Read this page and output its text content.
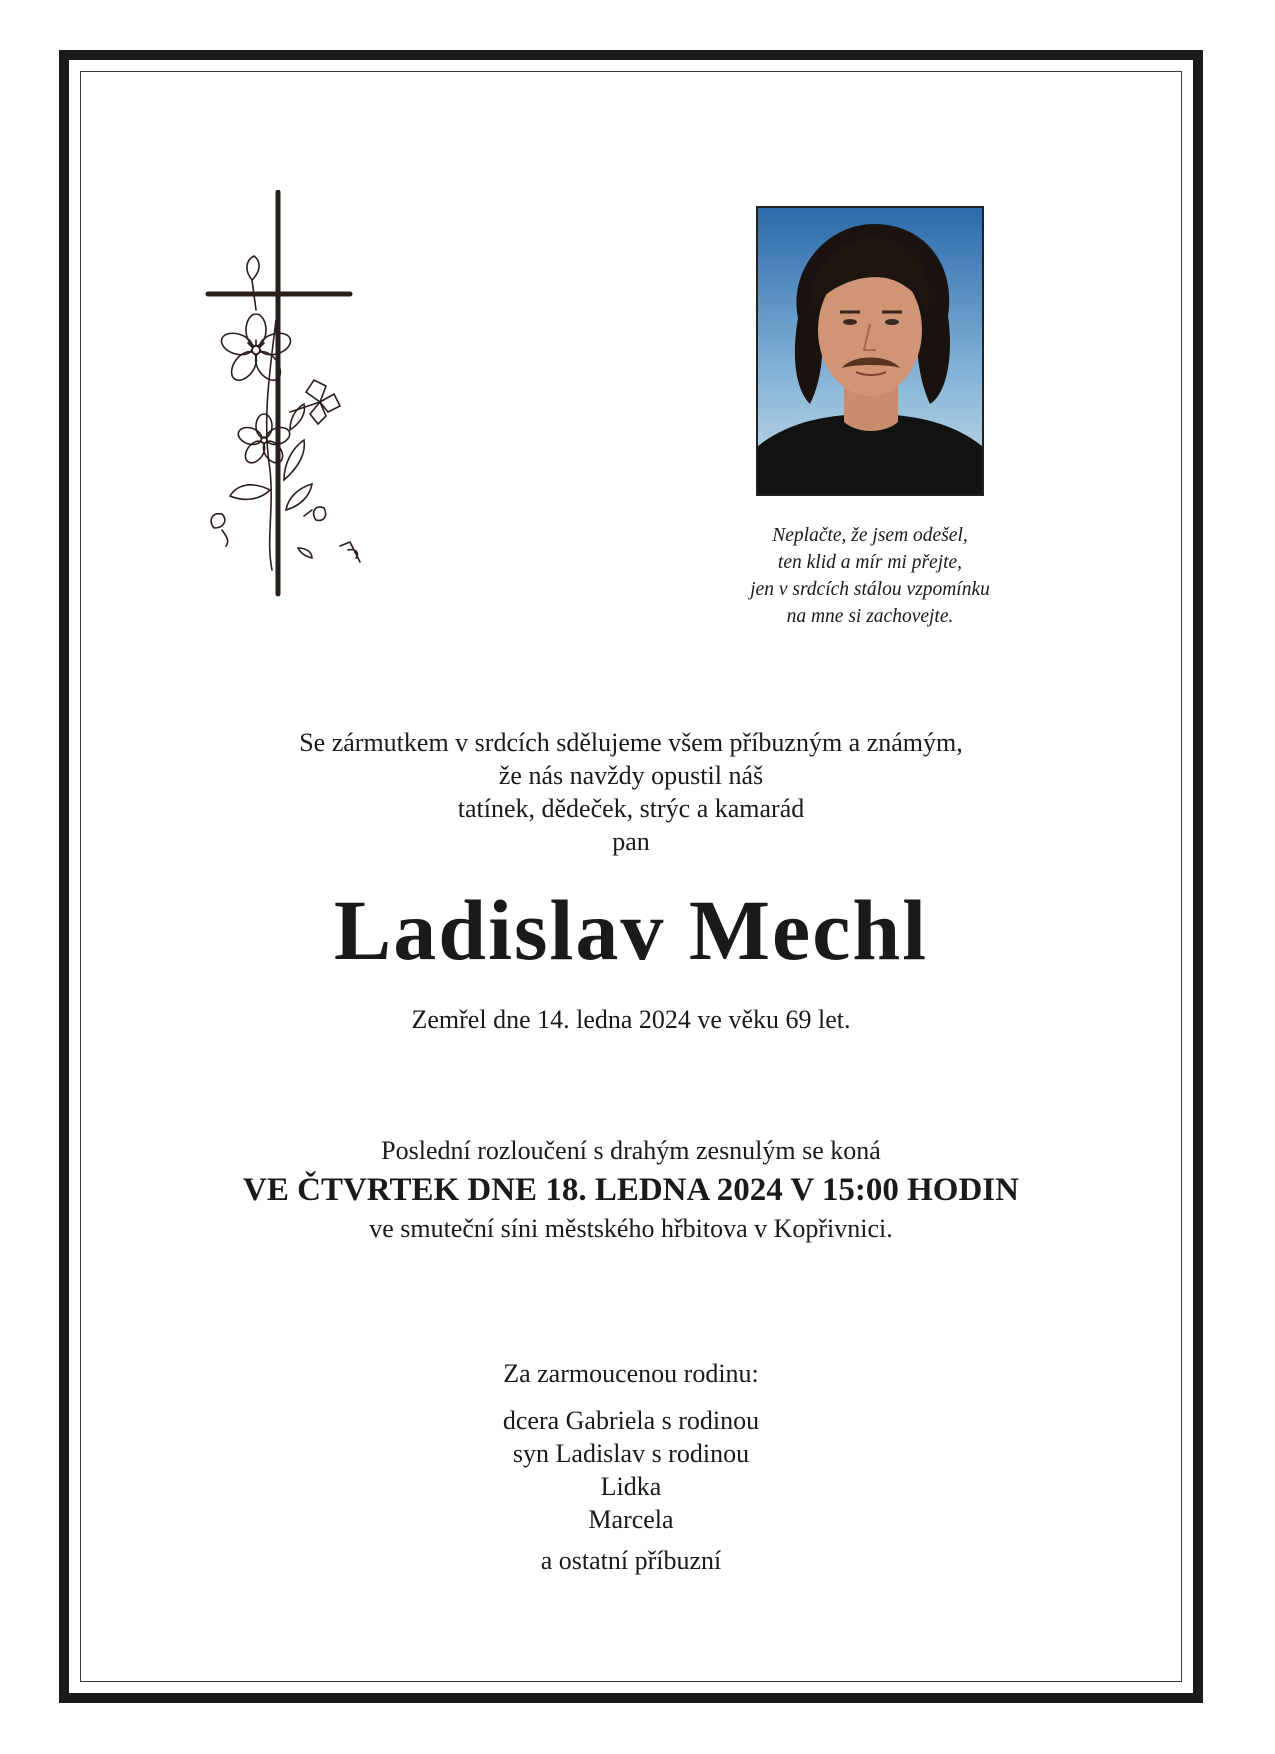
Neplačte, že jsem odešel,
ten klid a mír mi přejte,
jen v srdcích stálou vzpomínku
na mne si zachovejte.
Se zármutkem v srdcích sdělujeme všem příbuzným a známým,
že nás navždy opustil náš
tatínek, dědeček, strýc a kamarád
pan
Ladislav Mechl
Zemřel dne 14. ledna 2024 ve věku 69 let.
Poslední rozloučení s drahým zesnulým se koná
VE ČTVRTEK DNE 18. LEDNA 2024 V 15:00 HODIN
ve smuteční síni městského hřbitova v Kopřivnici.
Za zarmoucenou rodinu:
dcera Gabriela s rodinou
syn Ladislav s rodinou
Lidka
Marcela
a ostatní příbuzní
